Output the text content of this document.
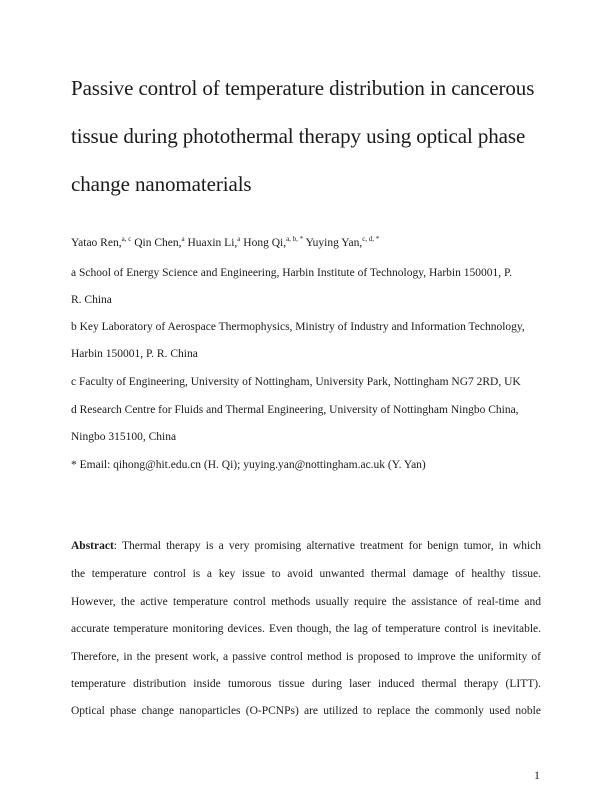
Passive control of temperature distribution in cancerous
tissue during photothermal therapy using optical phase
change nanomaterials
Yatao Ren,$^{a, c}$ Qin Chen,$^a$ Huaxin Li,$^a$ Hong Qi,$^{a, b, *}$ Yuying Yan,$^{c, d, *}$
a School of Energy Science and Engineering, Harbin Institute of Technology, Harbin 150001, P.
R. China
b Key Laboratory of Aerospace Thermophysics, Ministry of Industry and Information Technology,
Harbin 150001, P. R. China
c Faculty of Engineering, University of Nottingham, University Park, Nottingham NG7 2RD, UK
d Research Centre for Fluids and Thermal Engineering, University of Nottingham Ningbo China,
Ningbo 315100, China
* Email: qihong@hit.edu.cn (H. Qi); yuying.yan@nottingham.ac.uk (Y. Yan)
Abstract: Thermal therapy is a very promising alternative treatment for benign tumor, in which
the temperature control is a key issue to avoid unwanted thermal damage of healthy tissue.
However, the active temperature control methods usually require the assistance of real-time and
accurate temperature monitoring devices. Even though, the lag of temperature control is inevitable.
Therefore, in the present work, a passive control method is proposed to improve the uniformity of
temperature distribution inside tumorous tissue during laser induced thermal therapy (LITT).
Optical phase change nanoparticles (O-PCNPs) are utilized to replace the commonly used noble
1
